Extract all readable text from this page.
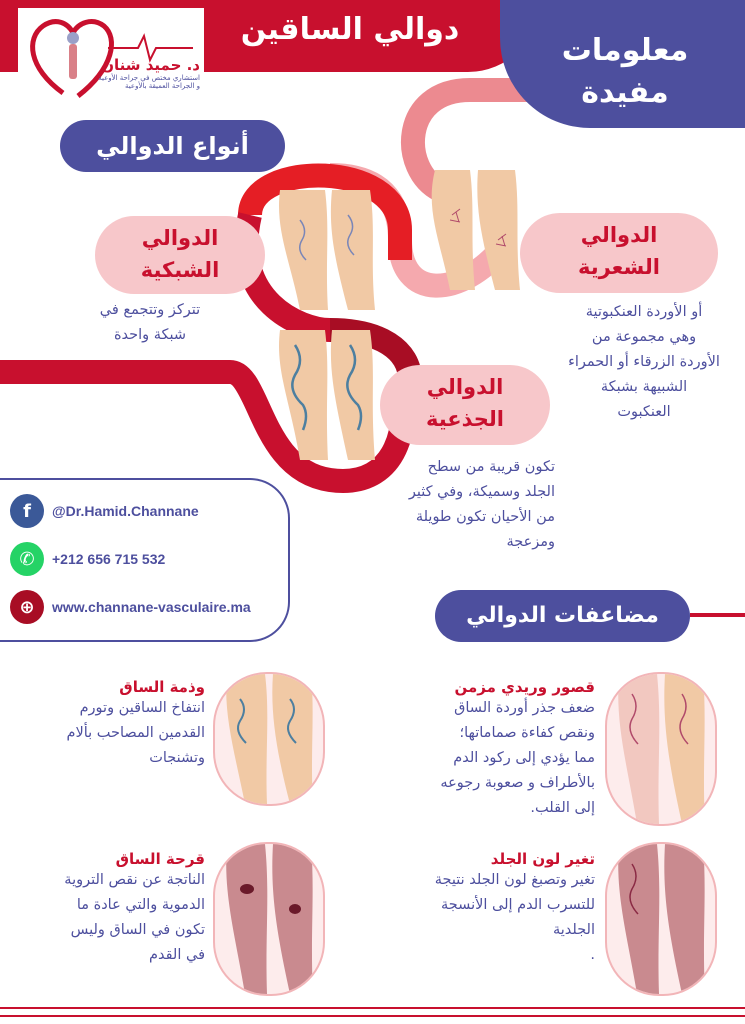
د. حميد شنان
استشاري مختص في جراحة الأوعية
و الجراحة العميقة بالأوعية
دوالي الساقين
معلومات
مفيدة
أنواع الدوالي
الدوالي
الشعرية
الدوالي
الشبكية
الدوالي
الجذعية
أو الأوردة العنكبوتية
وهي مجموعة من
الأوردة الزرقاء أو الحمراء
الشبيهة بشبكة
العنكبوت
تتركز وتتجمع في
شبكة واحدة
تكون قريبة من سطح
الجلد وسميكة، وفي كثير
من الأحيان تكون طويلة
ومزعجة
f	@Dr.Hamid.Channane
✆	+212 656 715 532
⊕	www.channane-vasculaire.ma	مضاعفات الدوالي
قصور وريدي مزمن
ضعف جذر أوردة الساق
ونقص كفاءة صماماتها؛
مما يؤدي إلى ركود الدم
بالأطراف و صعوبة رجوعه
إلى القلب.
وذمة الساق
انتفاخ الساقين وتورم
القدمين المصاحب بألام
وتشنجات
تغير لون الجلد
تغير وتصبغ لون الجلد نتيجة
للتسرب الدم إلى الأنسجة
الجلدية
.
قرحة الساق
الناتجة عن نقص التروية
الدموية والتي عادة ما
تكون في الساق وليس
في القدم
